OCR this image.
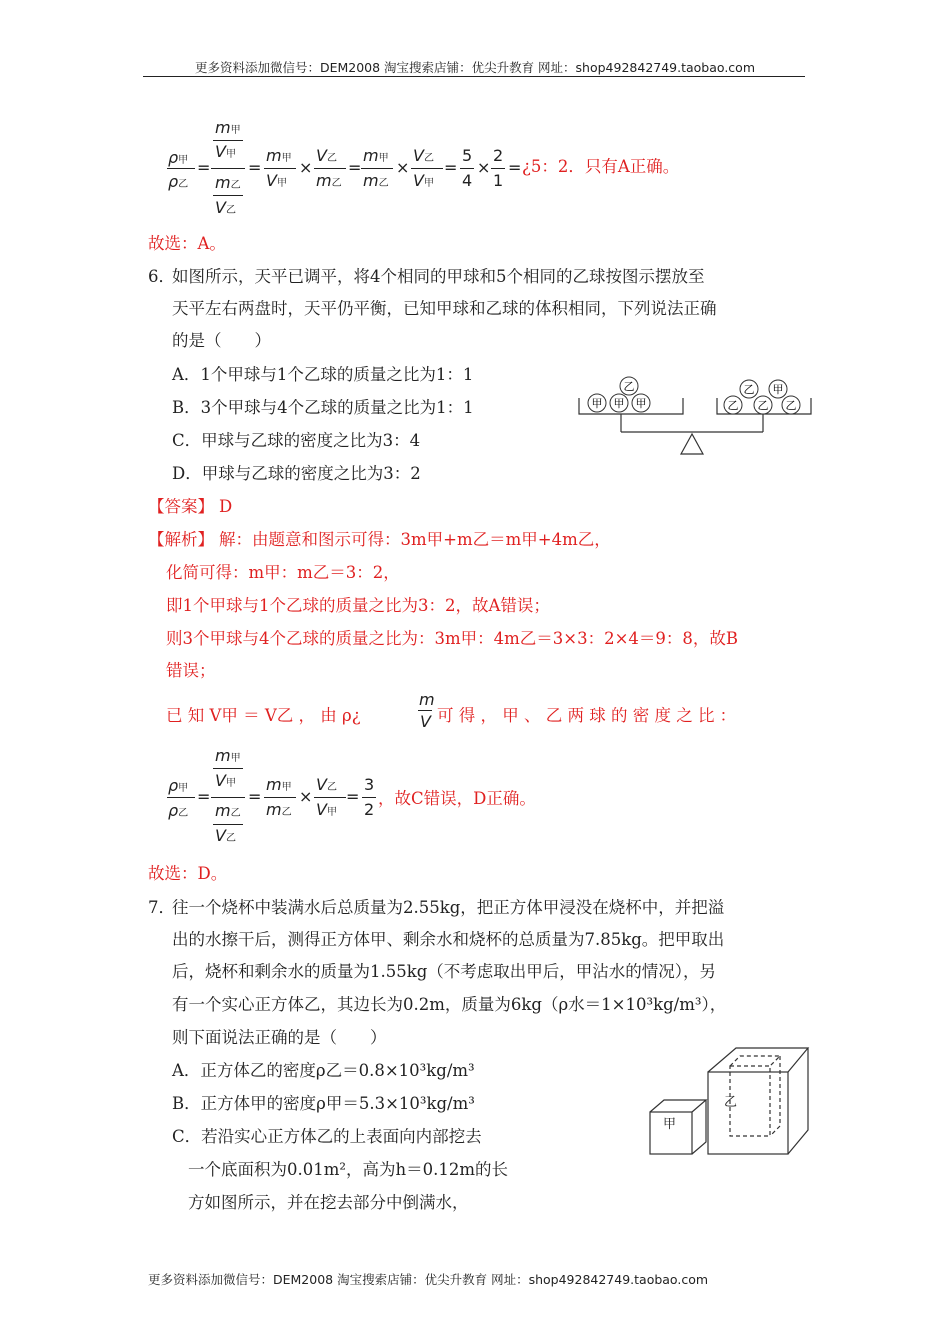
更多资料添加微信号：DEM2008 淘宝搜索店铺：优尖升教育 网址：shop492842749.taobao.com
ρ甲
ρ乙
=
m甲
V甲
m乙
V乙
=
m甲
V甲
×
V乙
m乙
=
m甲
m乙
×
V乙
V甲
=
5
4
×
2
1
= ¿5：2．只有A正确。
故选：A。
6．
如图所示，天平已调平，将4个相同的甲球和5个相同的乙球按图示摆放至
天平左右两盘时，天平仍平衡，已知甲球和乙球的体积相同，下列说法正确
的是（　　）
A．1个甲球与1个乙球的质量之比为1：1
B．3个甲球与4个乙球的质量之比为1：1
C．甲球与乙球的密度之比为3：4
D．甲球与乙球的密度之比为3：2
甲 甲 甲
乙
乙 乙 乙
乙 甲
【答案】 D
【解析】 解：由题意和图示可得：3m甲+m乙＝m甲+4m乙，
化简可得：m甲：m乙＝3：2，
即1个甲球与1个乙球的质量之比为3：2，故A错误；
则3个甲球与4个乙球的质量之比为：3m甲：4m乙＝3×3：2×4＝9：8，故B
错误；
已 知 V甲 ＝ V乙 ， 由 ρ¿
m
V 可 得 ， 甲 、 乙 两 球 的 密 度 之 比 ：
ρ甲
ρ乙
=
m甲
V甲
m乙
V乙
=
m甲
m乙
×
V乙
V甲
=
3
2
，故C错误，D正确。
故选：D。
7．
往一个烧杯中装满水后总质量为2.55kg，把正方体甲浸没在烧杯中，并把溢
出的水擦干后，测得正方体甲、剩余水和烧杯的总质量为7.85kg。把甲取出
后，烧杯和剩余水的质量为1.55kg（不考虑取出甲后，甲沾水的情况），另
有一个实心正方体乙，其边长为0.2m，质量为6kg（ρ水＝1×10³kg/m³），
则下面说法正确的是（　　）
A．正方体乙的密度ρ乙＝0.8×10³kg/m³
B．正方体甲的密度ρ甲＝5.3×10³kg/m³
C．若沿实心正方体乙的上表面向内部挖去
一个底面积为0.01m²，高为h＝0.12m的长
方如图所示，并在挖去部分中倒满水，
甲
乙
更多资料添加微信号：DEM2008 淘宝搜索店铺：优尖升教育 网址：shop492842749.taobao.com
